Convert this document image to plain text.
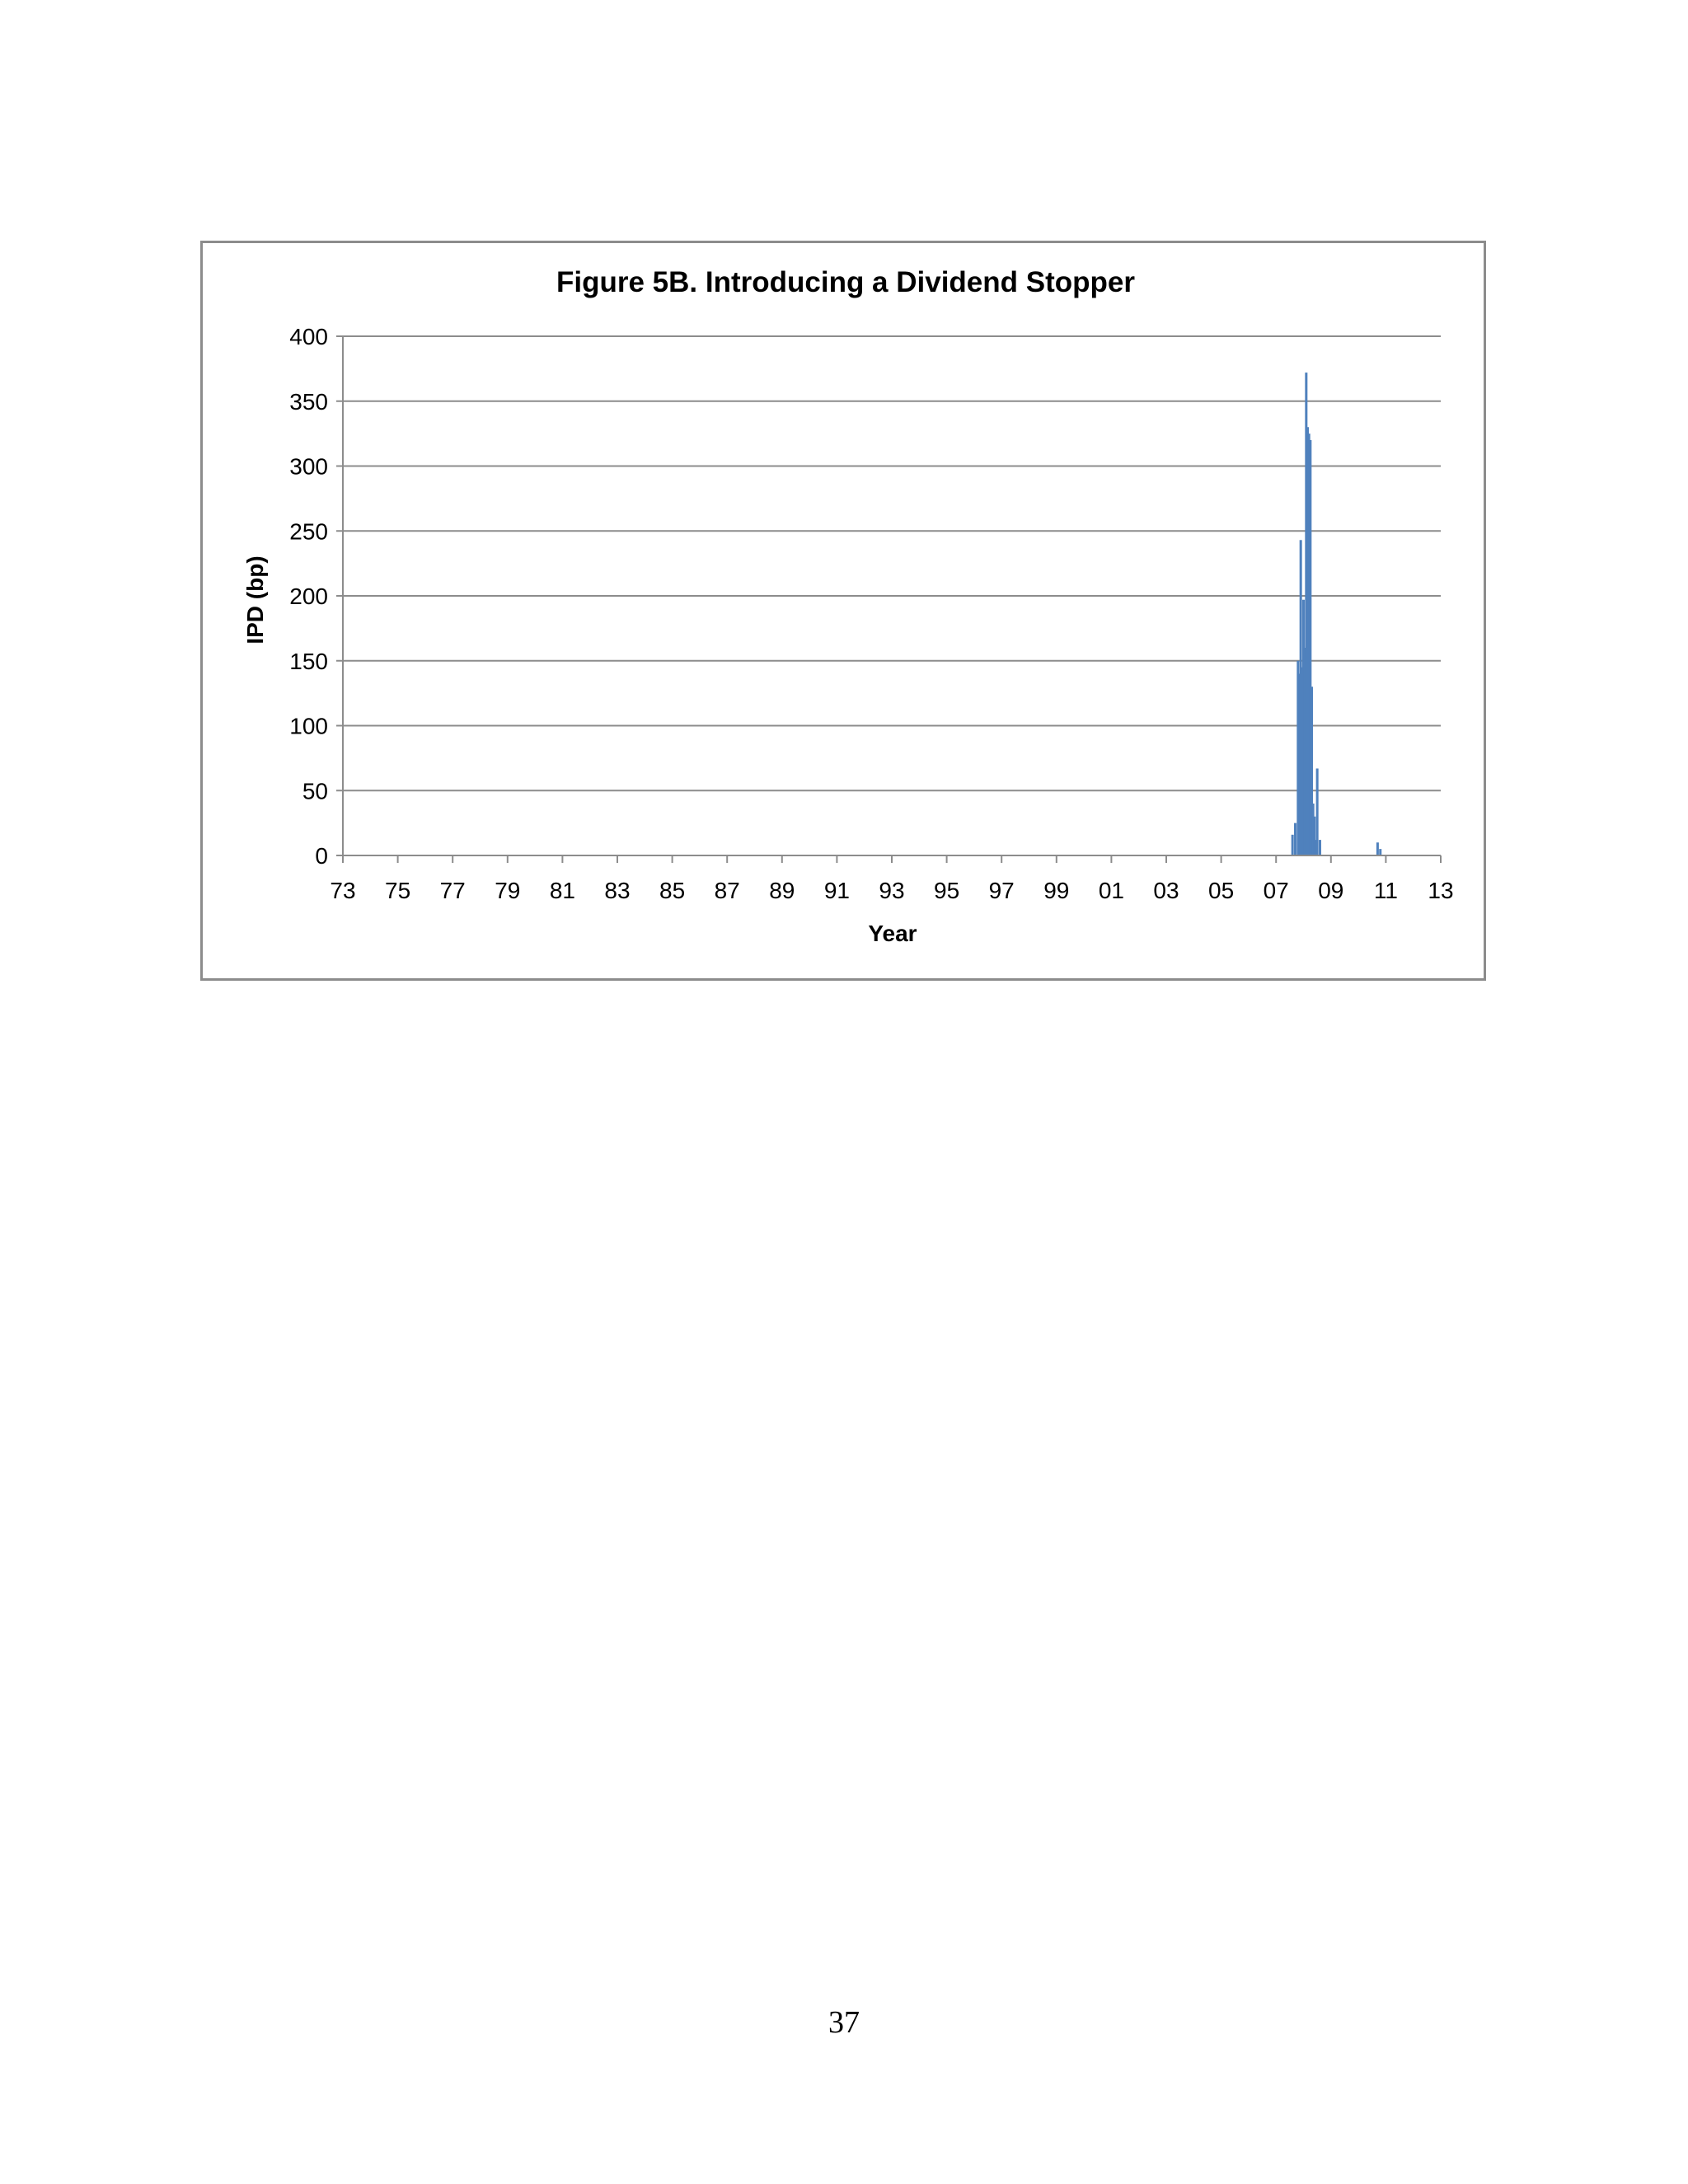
Figure 5B. Introducing a Dividend Stopper
0
50
100
150
200
250
300
350
400
73 75 77 79 81 83 85 87 89 91 93 95 97 99 01 03 05 07 09 11 13
Year
IPD (bp)
37
